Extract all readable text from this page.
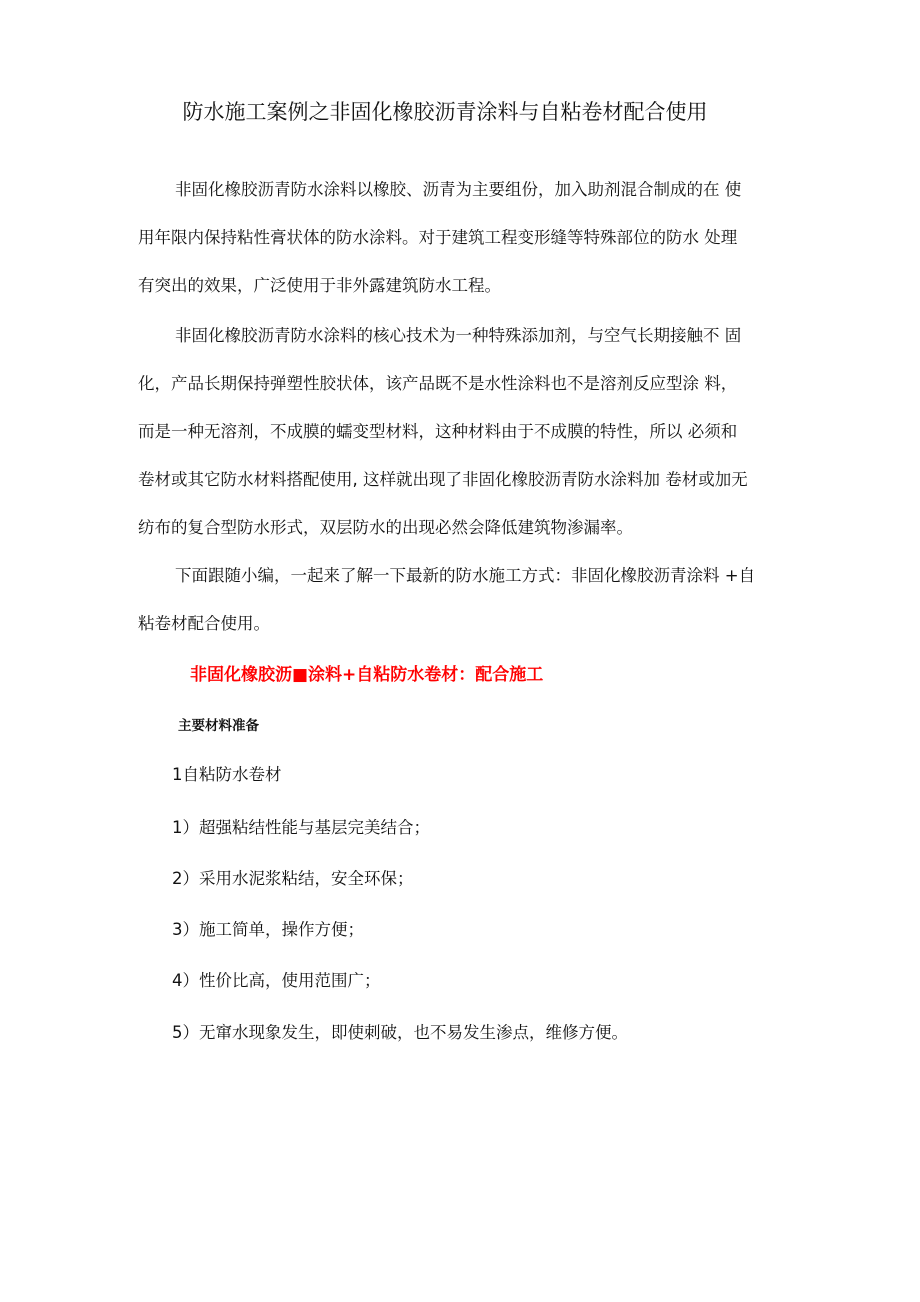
防水施工案例之非固化橡胶沥青涂料与自粘卷材配合使用
非固化橡胶沥青防水涂料以橡胶、沥青为主要组份，加入助剂混合制成的在 使
用年限内保持粘性膏状体的防水涂料。对于建筑工程变形缝等特殊部位的防水 处理
有突出的效果，广泛使用于非外露建筑防水工程。
非固化橡胶沥青防水涂料的核心技术为一种特殊添加剂，与空气长期接触不 固
化，产品长期保持弹塑性胶状体，该产品既不是水性涂料也不是溶剂反应型涂 料，
而是一种无溶剂，不成膜的蠕变型材料，这种材料由于不成膜的特性，所以 必须和
卷材或其它防水材料搭配使用, 这样就出现了非固化橡胶沥青防水涂料加 卷材或加无
纺布的复合型防水形式，双层防水的出现必然会降低建筑物渗漏率。
下面跟随小编，一起来了解一下最新的防水施工方式：非固化橡胶沥青涂料 +自
粘卷材配合使用。
非固化橡胶沥■涂料+自粘防水卷材：配合施工
主要材料准备
1自粘防水卷材
1）超强粘结性能与基层完美结合；
2）采用水泥浆粘结，安全环保；
3）施工简单，操作方便；
4）性价比高，使用范围广；
5）无窜水现象发生，即使刺破，也不易发生渗点，维修方便。
